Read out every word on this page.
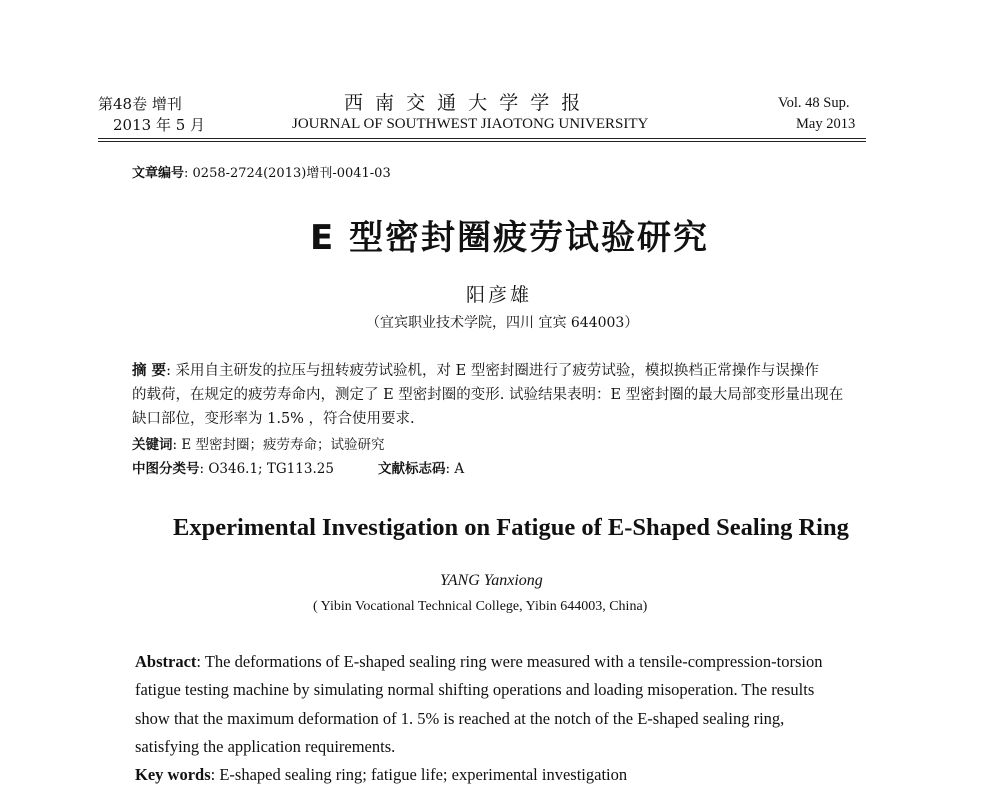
第48卷 增刊
2013 年 5 月
西 南 交 通 大 学 学 报
JOURNAL OF SOUTHWEST JIAOTONG UNIVERSITY
Vol. 48 Sup.
May 2013
文章编号: 0258-2724(2013)增刊-0041-03
E 型密封圈疲劳试验研究
阳彦雄
（宜宾职业技术学院，四川 宜宾 644003）
摘 要: 采用自主研发的拉压与扭转疲劳试验机，对 E 型密封圈进行了疲劳试验，模拟换档正常操作与误操作
的载荷，在规定的疲劳寿命内，测定了 E 型密封圈的变形. 试验结果表明：E 型密封圈的最大局部变形量出现在
缺口部位，变形率为 1.5% ，符合使用要求.
关键词: E 型密封圈；疲劳寿命；试验研究
中图分类号: O346.1; TG113.25	文献标志码: A
Experimental Investigation on Fatigue of E-Shaped Sealing Ring
YANG Yanxiong
( Yibin Vocational Technical College, Yibin 644003, China)
Abstract: The deformations of E-shaped sealing ring were measured with a tensile-compression-torsion
fatigue testing machine by simulating normal shifting operations and loading misoperation. The results
show that the maximum deformation of 1. 5% is reached at the notch of the E-shaped sealing ring,
satisfying the application requirements.
Key words: E-shaped sealing ring; fatigue life; experimental investigation
